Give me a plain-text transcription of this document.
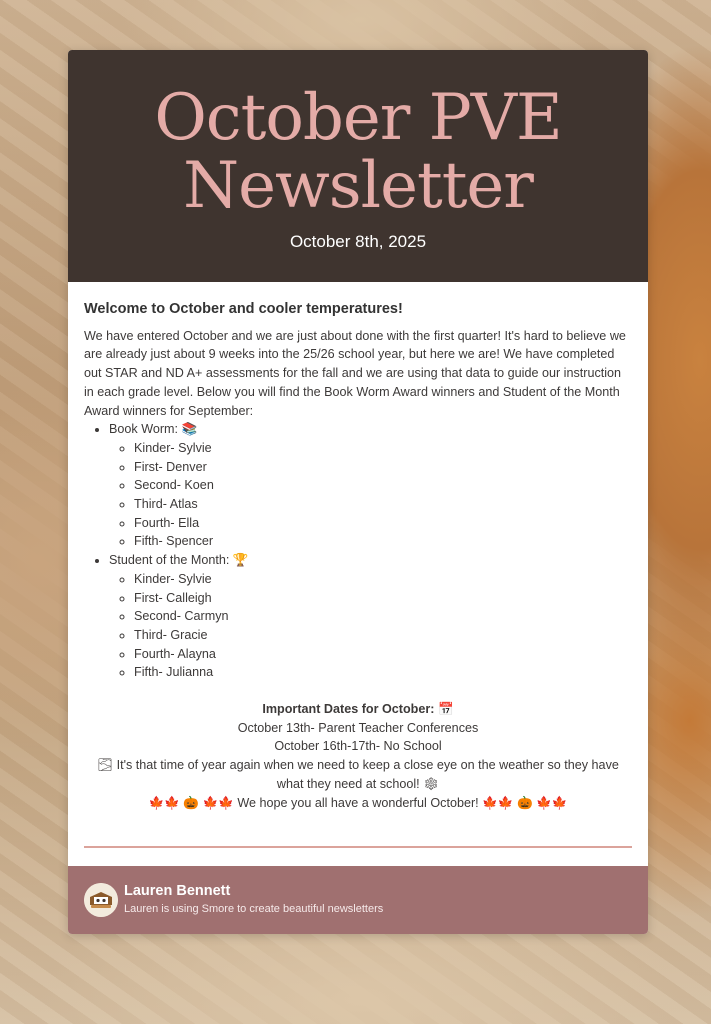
October PVE
Newsletter
October 8th, 2025

Welcome to October and cooler temperatures!

We have entered October and we are just about done with the first quarter! It's hard to believe we are already just about 9 weeks into the 25/26 school year, but here we are! We have completed out STAR and ND A+ assessments for the fall and we are using that data to guide our instruction in each grade level. Below you will find the Book Worm Award winners and Student of the Month Award winners for September:

• Book Worm: 📚
◦ Kinder- Sylvie
◦ First- Denver
◦ Second- Koen
◦ Third- Atlas
◦ Fourth- Ella
◦ Fifth- Spencer
• Student of the Month: 🏆
◦ Kinder- Sylvie
◦ First- Calleigh
◦ Second- Carmyn
◦ Third- Gracie
◦ Fourth- Alayna
◦ Fifth- Julianna

Important Dates for October: 📅

October 13th- Parent Teacher Conferences

October 16th-17th- No School

🌫 It's that time of year again when we need to keep a close eye on the weather so they have what they need at school! ❄

🍁🍁 🎃 🍁🍁 We hope you all have a wonderful October! 🍁🍁 🎃 🍁🍁

Lauren Bennett
Lauren is using Smore to create beautiful newsletters
